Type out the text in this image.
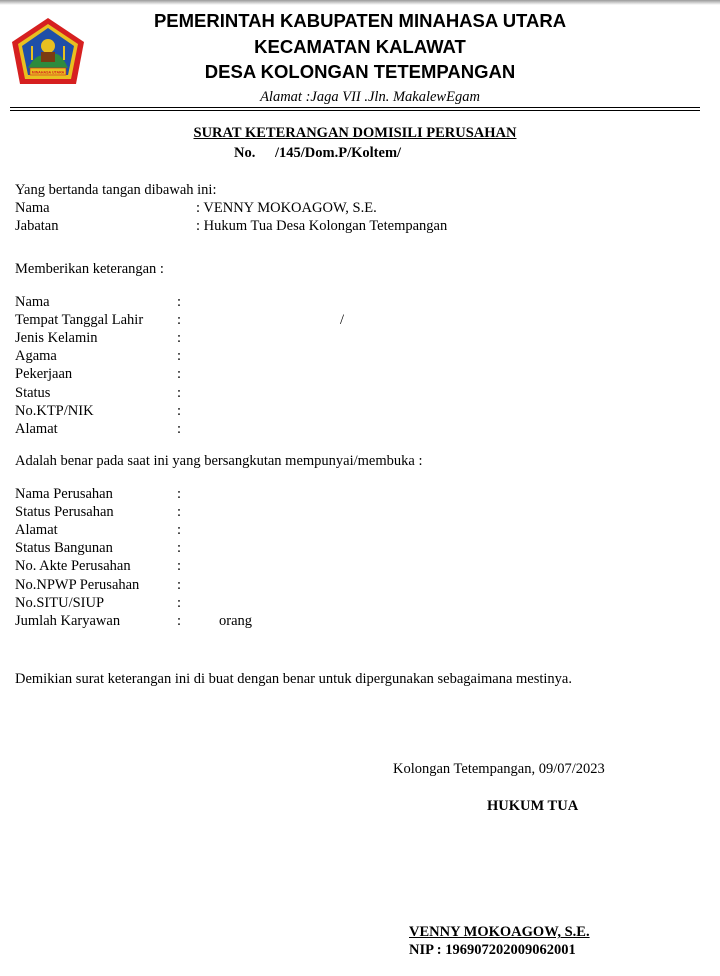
MINAHASA UTARA
PEMERINTAH KABUPATEN MINAHASA UTARA
KECAMATAN KALAWAT
DESA KOLONGAN TETEMPANGAN
Alamat :Jaga VII .Jln. MakalewEgam
SURAT KETERANGAN DOMISILI PERUSAHAN
No. /145/Dom.P/Koltem/
Yang bertanda tangan dibawah ini:
Nama	: VENNY MOKOAGOW, S.E.
Jabatan	: Hukum Tua Desa Kolongan Tetempangan
Memberikan keterangan :
Nama	:
Tempat Tanggal Lahir :	/
Jenis Kelamin	:
Agama	:
Pekerjaan	:
Status	:
No.KTP/NIK	:
Alamat	:
Adalah benar pada saat ini yang bersangkutan mempunyai/membuka :
Nama Perusahan	:
Status Perusahan	:
Alamat	:
Status Bangunan	:
No. Akte Perusahan	:
No.NPWP Perusahan	:
No.SITU/SIUP	:
Jumlah Karyawan	:	orang
Demikian surat keterangan ini di buat dengan benar untuk dipergunakan sebagaimana mestinya.
Kolongan Tetempangan, 09/07/2023
HUKUM TUA
VENNY MOKOAGOW, S.E.
NIP : 196907202009062001
